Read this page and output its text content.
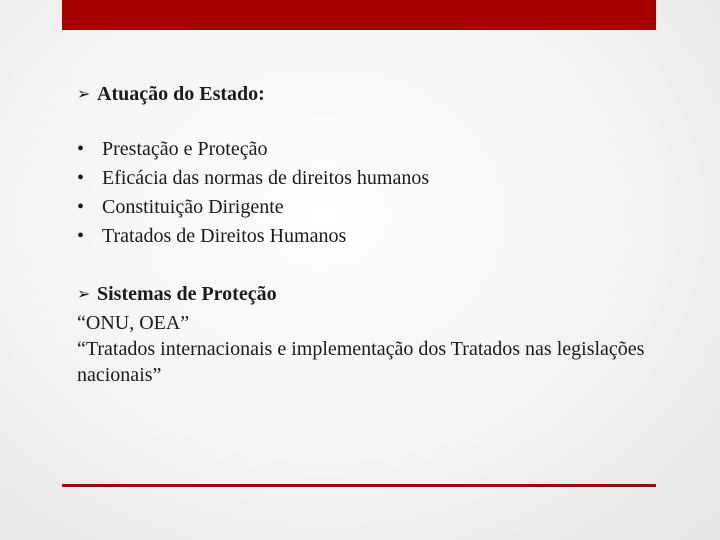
➢ Atuação do Estado:
• Prestação e Proteção
• Eficácia das normas de direitos humanos
• Constituição Dirigente
• Tratados de Direitos Humanos
➢ Sistemas de Proteção
“ONU, OEA”
“Tratados internacionais e implementação dos Tratados nas legislações nacionais”
